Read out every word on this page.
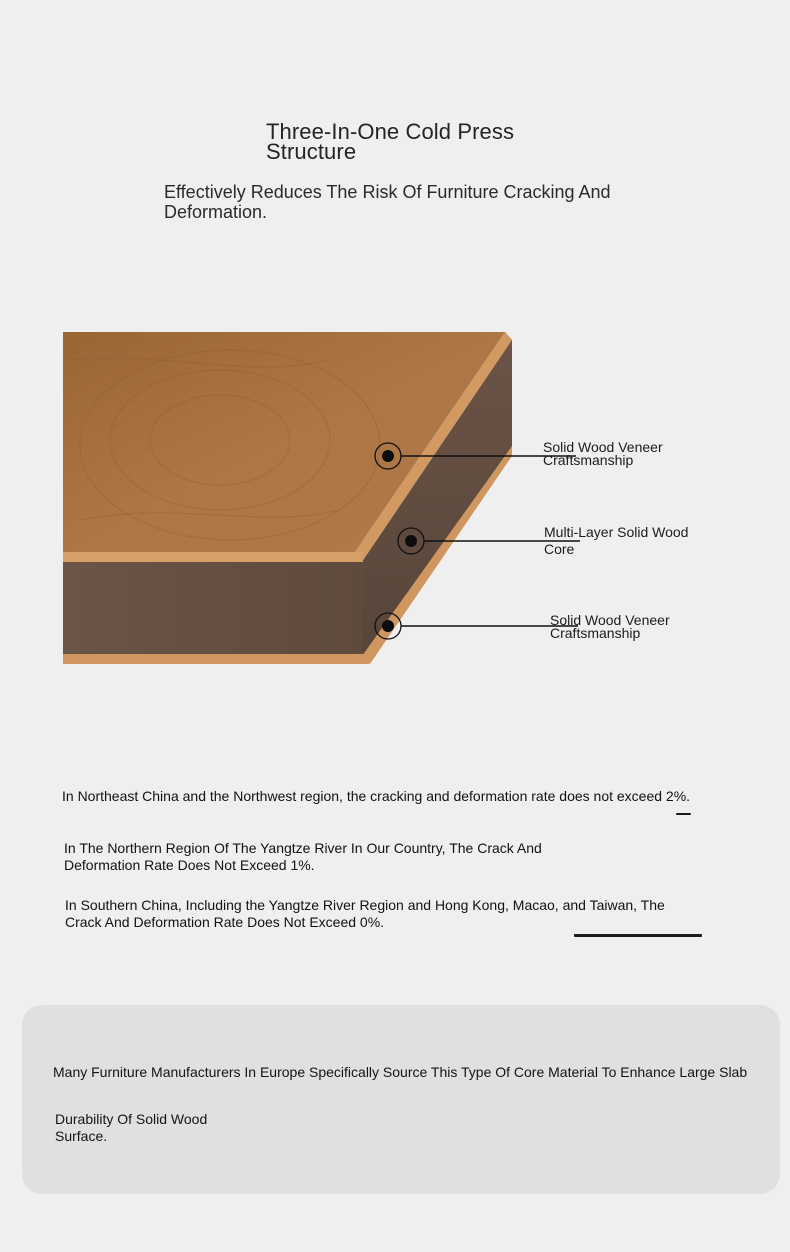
Three-In-One Cold Press Structure
Effectively Reduces The Risk Of Furniture Cracking And Deformation.
Solid Wood Veneer Craftsmanship
Multi-Layer Solid Wood Core
Solid Wood Veneer Craftsmanship
In Northeast China and the Northwest region, the cracking and deformation rate does not exceed 2%.
In The Northern Region Of The Yangtze River In Our Country, The Crack And Deformation Rate Does Not Exceed 1%.
In Southern China, Including the Yangtze River Region and Hong Kong, Macao, and Taiwan, The Crack And Deformation Rate Does Not Exceed 0%.
Many Furniture Manufacturers In Europe Specifically Source This Type Of Core Material To Enhance Large Slab
Durability Of Solid Wood Surface.
